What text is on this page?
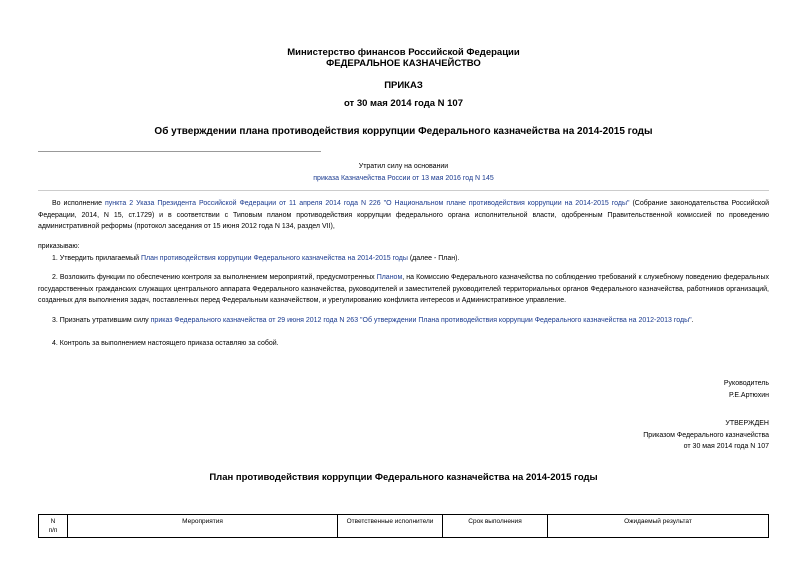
Министерство финансов Российской Федерации
ФЕДЕРАЛЬНОЕ КАЗНАЧЕЙСТВО
ПРИКАЗ
от 30 мая 2014 года N 107
Об утверждении плана противодействия коррупции Федерального казначейства на 2014-2015 годы
Утратил силу на основании
приказа Казначейства России от 13 мая 2016 год N 145
Во исполнение пункта 2 Указа Президента Российской Федерации от 11 апреля 2014 года N 226 "О Национальном плане противодействия коррупции на 2014-2015 годы" (Собрание законодательства Российской Федерации, 2014, N 15, ст.1729) и в соответствии с Типовым планом противодействия коррупции федерального органа исполнительной власти, одобренным Правительственной комиссией по проведению административной реформы (протокол заседания от 15 июня 2012 года N 134, раздел VII),
приказываю:
1. Утвердить прилагаемый План противодействия коррупции Федерального казначейства на 2014-2015 годы (далее - План).
2. Возложить функции по обеспечению контроля за выполнением мероприятий, предусмотренных Планом, на Комиссию Федерального казначейства по соблюдению требований к служебному поведению федеральных государственных гражданских служащих центрального аппарата Федерального казначейства, руководителей и заместителей руководителей территориальных органов Федерального казначейства, работников организаций, созданных для выполнения задач, поставленных перед Федеральным казначейством, и урегулированию конфликта интересов и Административное управление.
3. Признать утратившим силу приказ Федерального казначейства от 29 июня 2012 года N 263 "Об утверждении Плана противодействия коррупции Федерального казначейства на 2012-2013 годы".
4. Контроль за выполнением настоящего приказа оставляю за собой.
Руководитель
Р.Е.Артюхин
УТВЕРЖДЕН
Приказом Федерального казначейства
от 30 мая 2014 года N 107
План противодействия коррупции Федерального казначейства на 2014-2015 годы
N
п/п	Мероприятия	Ответственные исполнители	Срок выполнения	Ожидаемый результат
